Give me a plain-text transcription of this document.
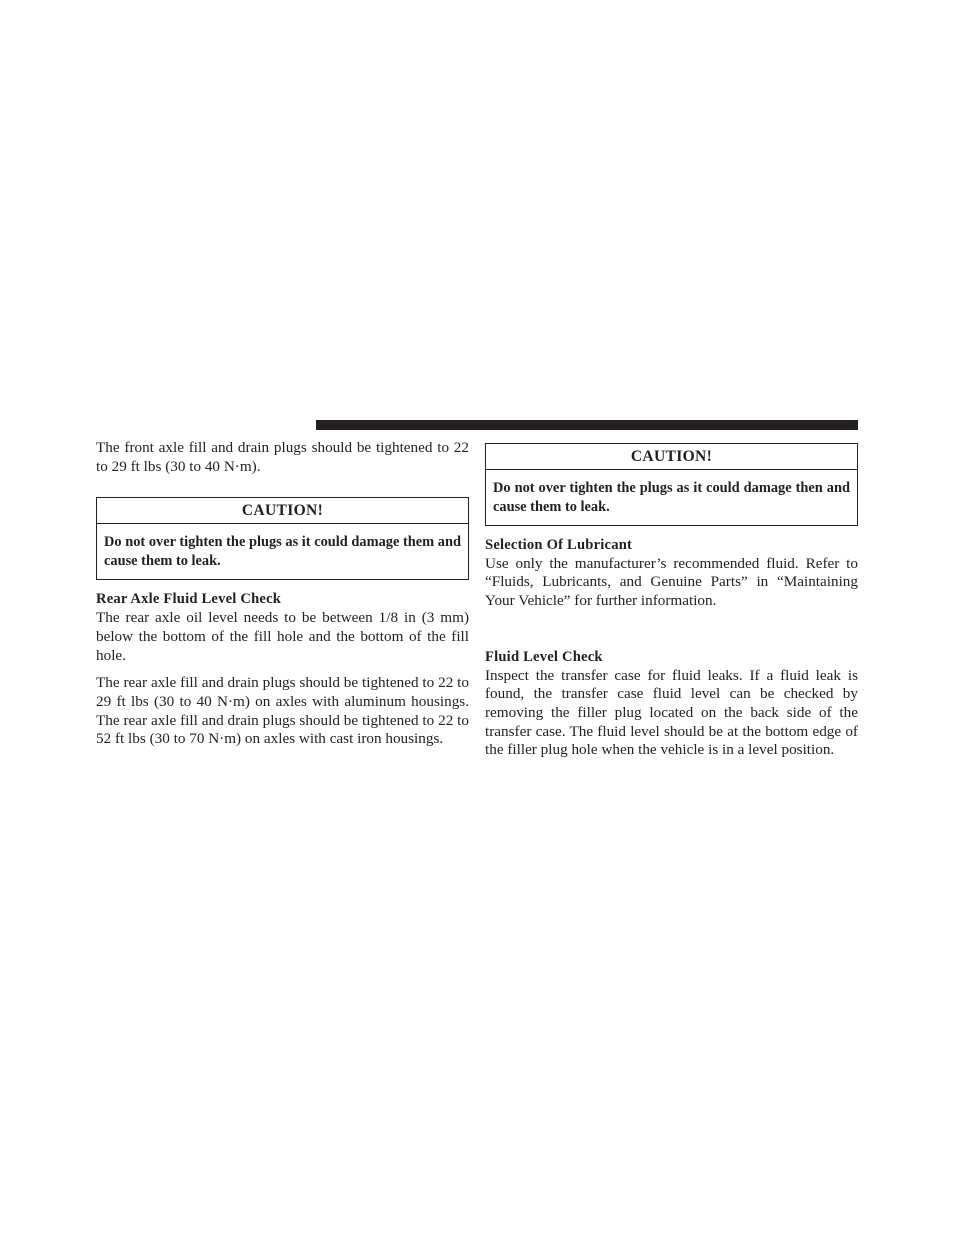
The front axle fill and drain plugs should be tightened to 22 to 29 ft lbs (30 to 40 N·m).

CAUTION!
Do not over tighten the plugs as it could damage them and cause them to leak.

Rear Axle Fluid Level Check

The rear axle oil level needs to be between 1/8 in (3 mm) below the bottom of the fill hole and the bottom of the fill hole.

The rear axle fill and drain plugs should be tightened to 22 to 29 ft lbs (30 to 40 N·m) on axles with aluminum housings. The rear axle fill and drain plugs should be tightened to 22 to 52 ft lbs (30 to 70 N·m) on axles with cast iron housings.

CAUTION!
Do not over tighten the plugs as it could damage then and cause them to leak.

Selection Of Lubricant

Use only the manufacturer’s recommended fluid. Refer to “Fluids, Lubricants, and Genuine Parts” in “Maintaining Your Vehicle” for further information.

Fluid Level Check

Inspect the transfer case for fluid leaks. If a fluid leak is found, the transfer case fluid level can be checked by removing the filler plug located on the back side of the transfer case. The fluid level should be at the bottom edge of the filler plug hole when the vehicle is in a level position.
